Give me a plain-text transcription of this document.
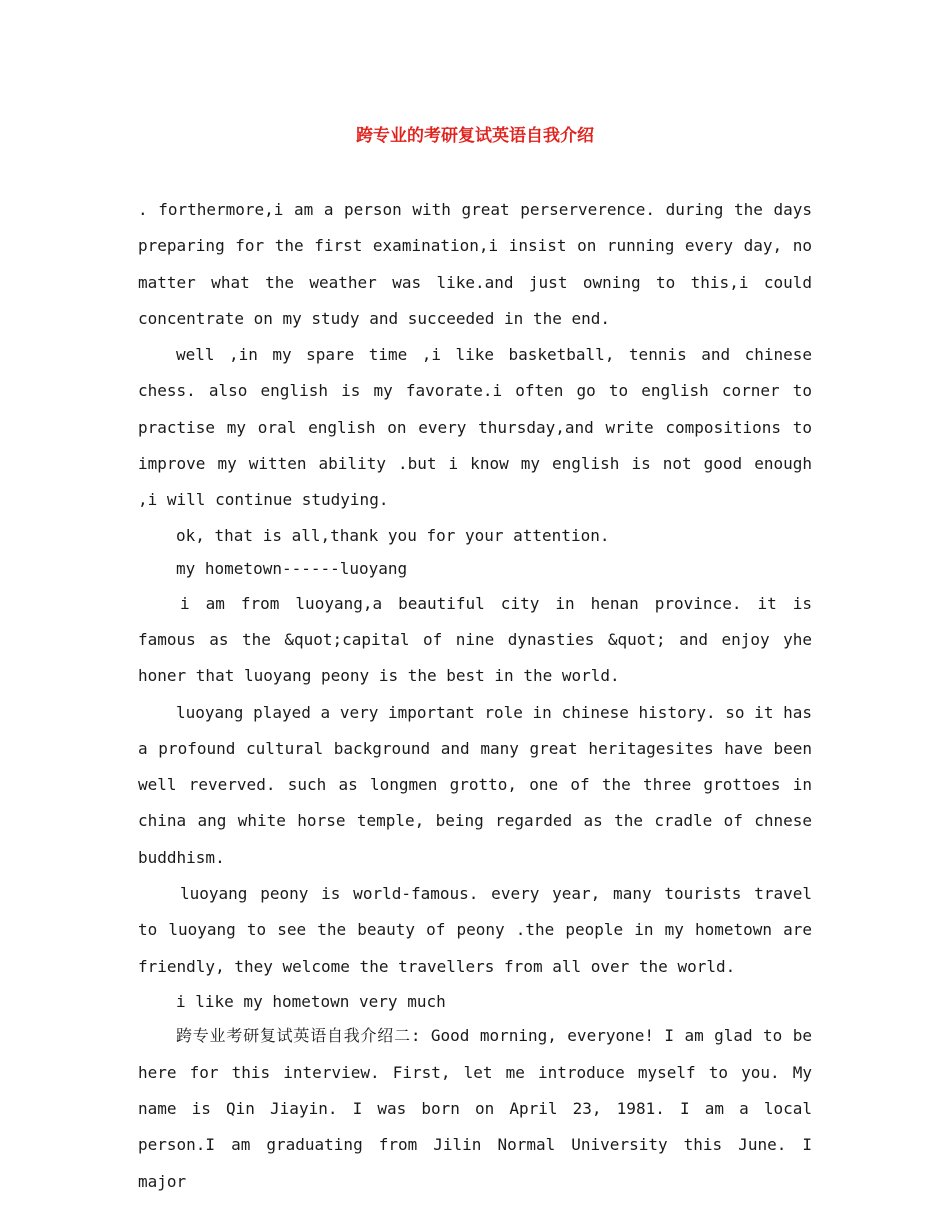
跨专业的考研复试英语自我介绍

. forthermore,i am a person with great perserverence. during the days preparing for the first examination,i insist on running every day, no matter what the weather was like.and just owning to this,i could concentrate on my study and succeeded in the end.

well ,in my spare time ,i like basketball, tennis and chinese chess. also english is my favorate.i often go to english corner to practise my oral english on every thursday,and write compositions to improve my witten ability .but i know my english is not good enough ,i will continue studying.

ok, that is all,thank you for your attention.

my hometown------luoyang

i am from luoyang,a beautiful city in henan province. it is famous as the &quot;capital of nine dynasties &quot; and enjoy yhe honer that luoyang peony is the best in the world.

luoyang played a very important role in chinese history. so it has a profound cultural background and many great heritagesites have been well reverved. such as longmen grotto, one of the three grottoes in china ang white horse temple, being regarded as the cradle of chnese buddhism.

luoyang peony is world-famous. every year, many tourists travel to luoyang to see the beauty of peony .the people in my hometown are friendly, they welcome the travellers from all over the world.

i like my hometown very much

跨专业考研复试英语自我介绍二: Good morning, everyone! I am glad to be here for this interview. First, let me introduce myself to you. My name is Qin Jiayin. I was born on April 23, 1981. I am a local person.I am graduating from Jilin Normal University this June. I major
